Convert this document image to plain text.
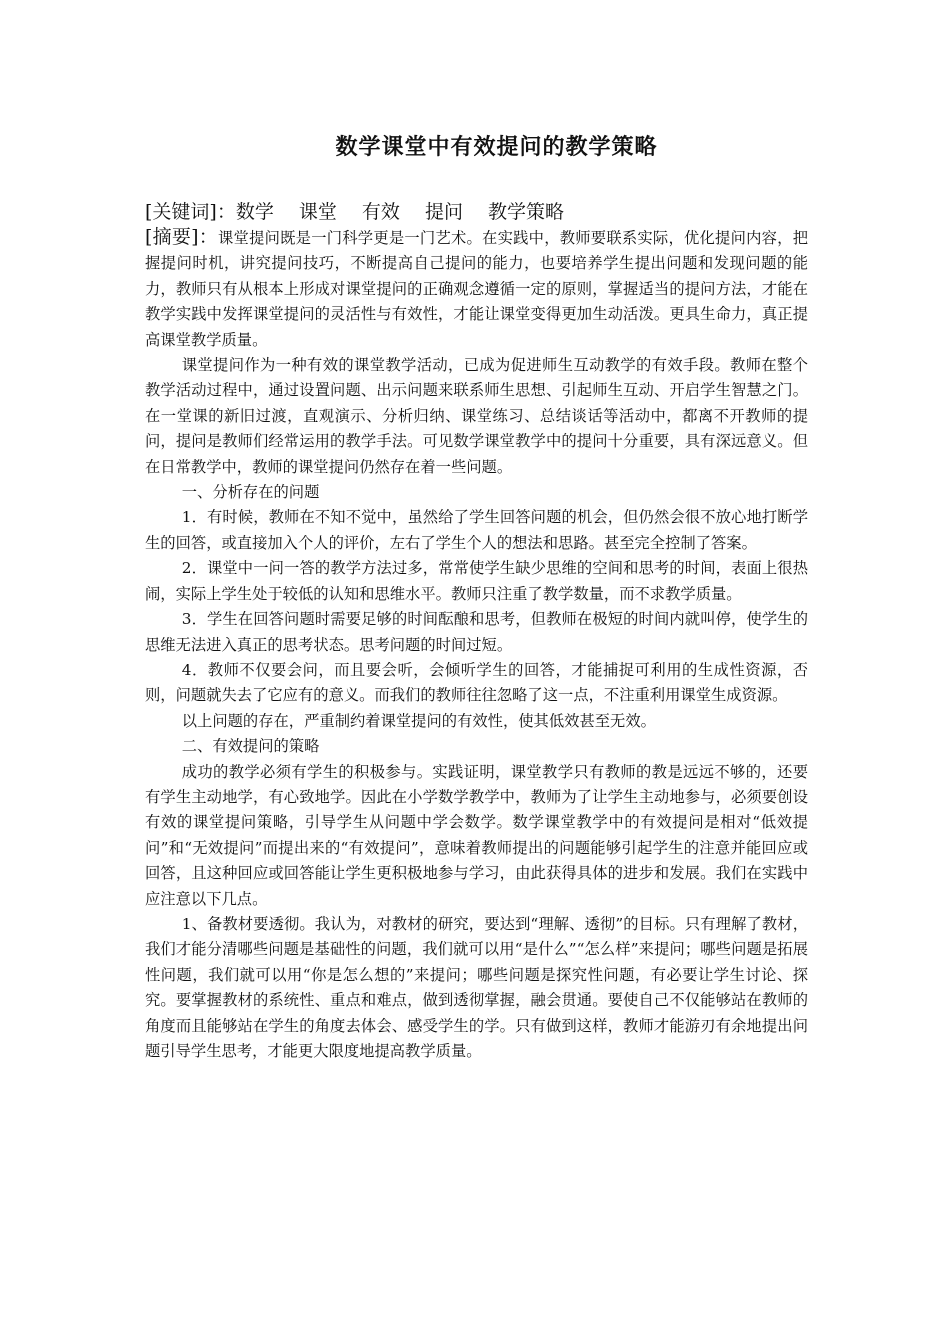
数学课堂中有效提问的教学策略

[关键词]：数学　 课堂　 有效　 提问　 教学策略

[摘要]：课堂提问既是一门科学更是一门艺术。在实践中，教师要联系实际，优化提问内容，把握提问时机，讲究提问技巧，不断提高自己提问的能力，也要培养学生提出问题和发现问题的能力，教师只有从根本上形成对课堂提问的正确观念遵循一定的原则，掌握适当的提问方法，才能在教学实践中发挥课堂提问的灵活性与有效性，才能让课堂变得更加生动活泼。更具生命力，真正提高课堂教学质量。

课堂提问作为一种有效的课堂教学活动，已成为促进师生互动教学的有效手段。教师在整个教学活动过程中，通过设置问题、出示问题来联系师生思想、引起师生互动、开启学生智慧之门。在一堂课的新旧过渡，直观演示、分析归纳、课堂练习、总结谈话等活动中，都离不开教师的提问，提问是教师们经常运用的教学手法。可见数学课堂教学中的提问十分重要，具有深远意义。但在日常教学中，教师的课堂提问仍然存在着一些问题。

一、分析存在的问题

1．有时候，教师在不知不觉中，虽然给了学生回答问题的机会，但仍然会很不放心地打断学生的回答，或直接加入个人的评价，左右了学生个人的想法和思路。甚至完全控制了答案。

2．课堂中一问一答的教学方法过多，常常使学生缺少思维的空间和思考的时间，表面上很热闹，实际上学生处于较低的认知和思维水平。教师只注重了教学数量，而不求教学质量。

3．学生在回答问题时需要足够的时间酝酿和思考，但教师在极短的时间内就叫停，使学生的思维无法进入真正的思考状态。思考问题的时间过短。

4．教师不仅要会问，而且要会听，会倾听学生的回答，才能捕捉可利用的生成性资源，否则，问题就失去了它应有的意义。而我们的教师往往忽略了这一点，不注重利用课堂生成资源。

以上问题的存在，严重制约着课堂提问的有效性，使其低效甚至无效。

二、有效提问的策略

成功的教学必须有学生的积极参与。实践证明，课堂教学只有教师的教是远远不够的，还要有学生主动地学，有心致地学。因此在小学数学教学中，教师为了让学生主动地参与，必须要创设有效的课堂提问策略，引导学生从问题中学会数学。数学课堂教学中的有效提问是相对“低效提问”和“无效提问”而提出来的“有效提问”，意味着教师提出的问题能够引起学生的注意并能回应或回答，且这种回应或回答能让学生更积极地参与学习，由此获得具体的进步和发展。我们在实践中应注意以下几点。

1、备教材要透彻。我认为，对教材的研究，要达到“理解、透彻”的目标。只有理解了教材，我们才能分清哪些问题是基础性的问题，我们就可以用“是什么”“怎么样”来提问；哪些问题是拓展性问题，我们就可以用“你是怎么想的”来提问；哪些问题是探究性问题，有必要让学生讨论、探究。要掌握教材的系统性、重点和难点，做到透彻掌握，融会贯通。要使自己不仅能够站在教师的角度而且能够站在学生的角度去体会、感受学生的学。只有做到这样，教师才能游刃有余地提出问题引导学生思考，才能更大限度地提高教学质量。
